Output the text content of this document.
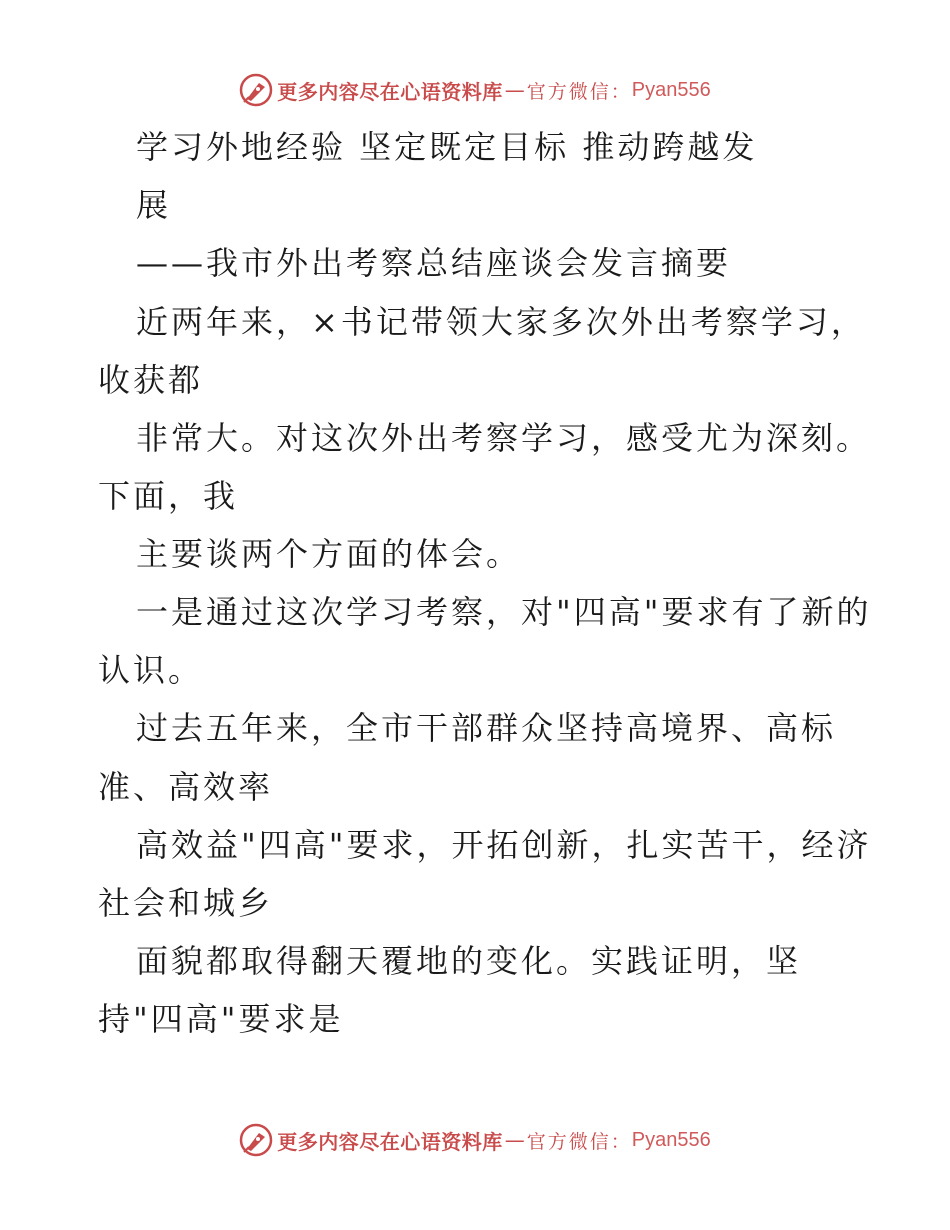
更多内容尽在心语资料库 — 官方微信： Pyan556

学习外地经验 坚定既定目标 推动跨越发

展

——我市外出考察总结座谈会发言摘要

近两年来，×书记带领大家多次外出考察学习，

收获都

非常大。对这次外出考察学习，感受尤为深刻。

下面，我

主要谈两个方面的体会。

一是通过这次学习考察，对"四高"要求有了新的

认识。

过去五年来，全市干部群众坚持高境界、高标

准、高效率

高效益"四高"要求，开拓创新，扎实苦干，经济

社会和城乡

面貌都取得翻天覆地的变化。实践证明，坚

持"四高"要求是

更多内容尽在心语资料库 — 官方微信： Pyan556
